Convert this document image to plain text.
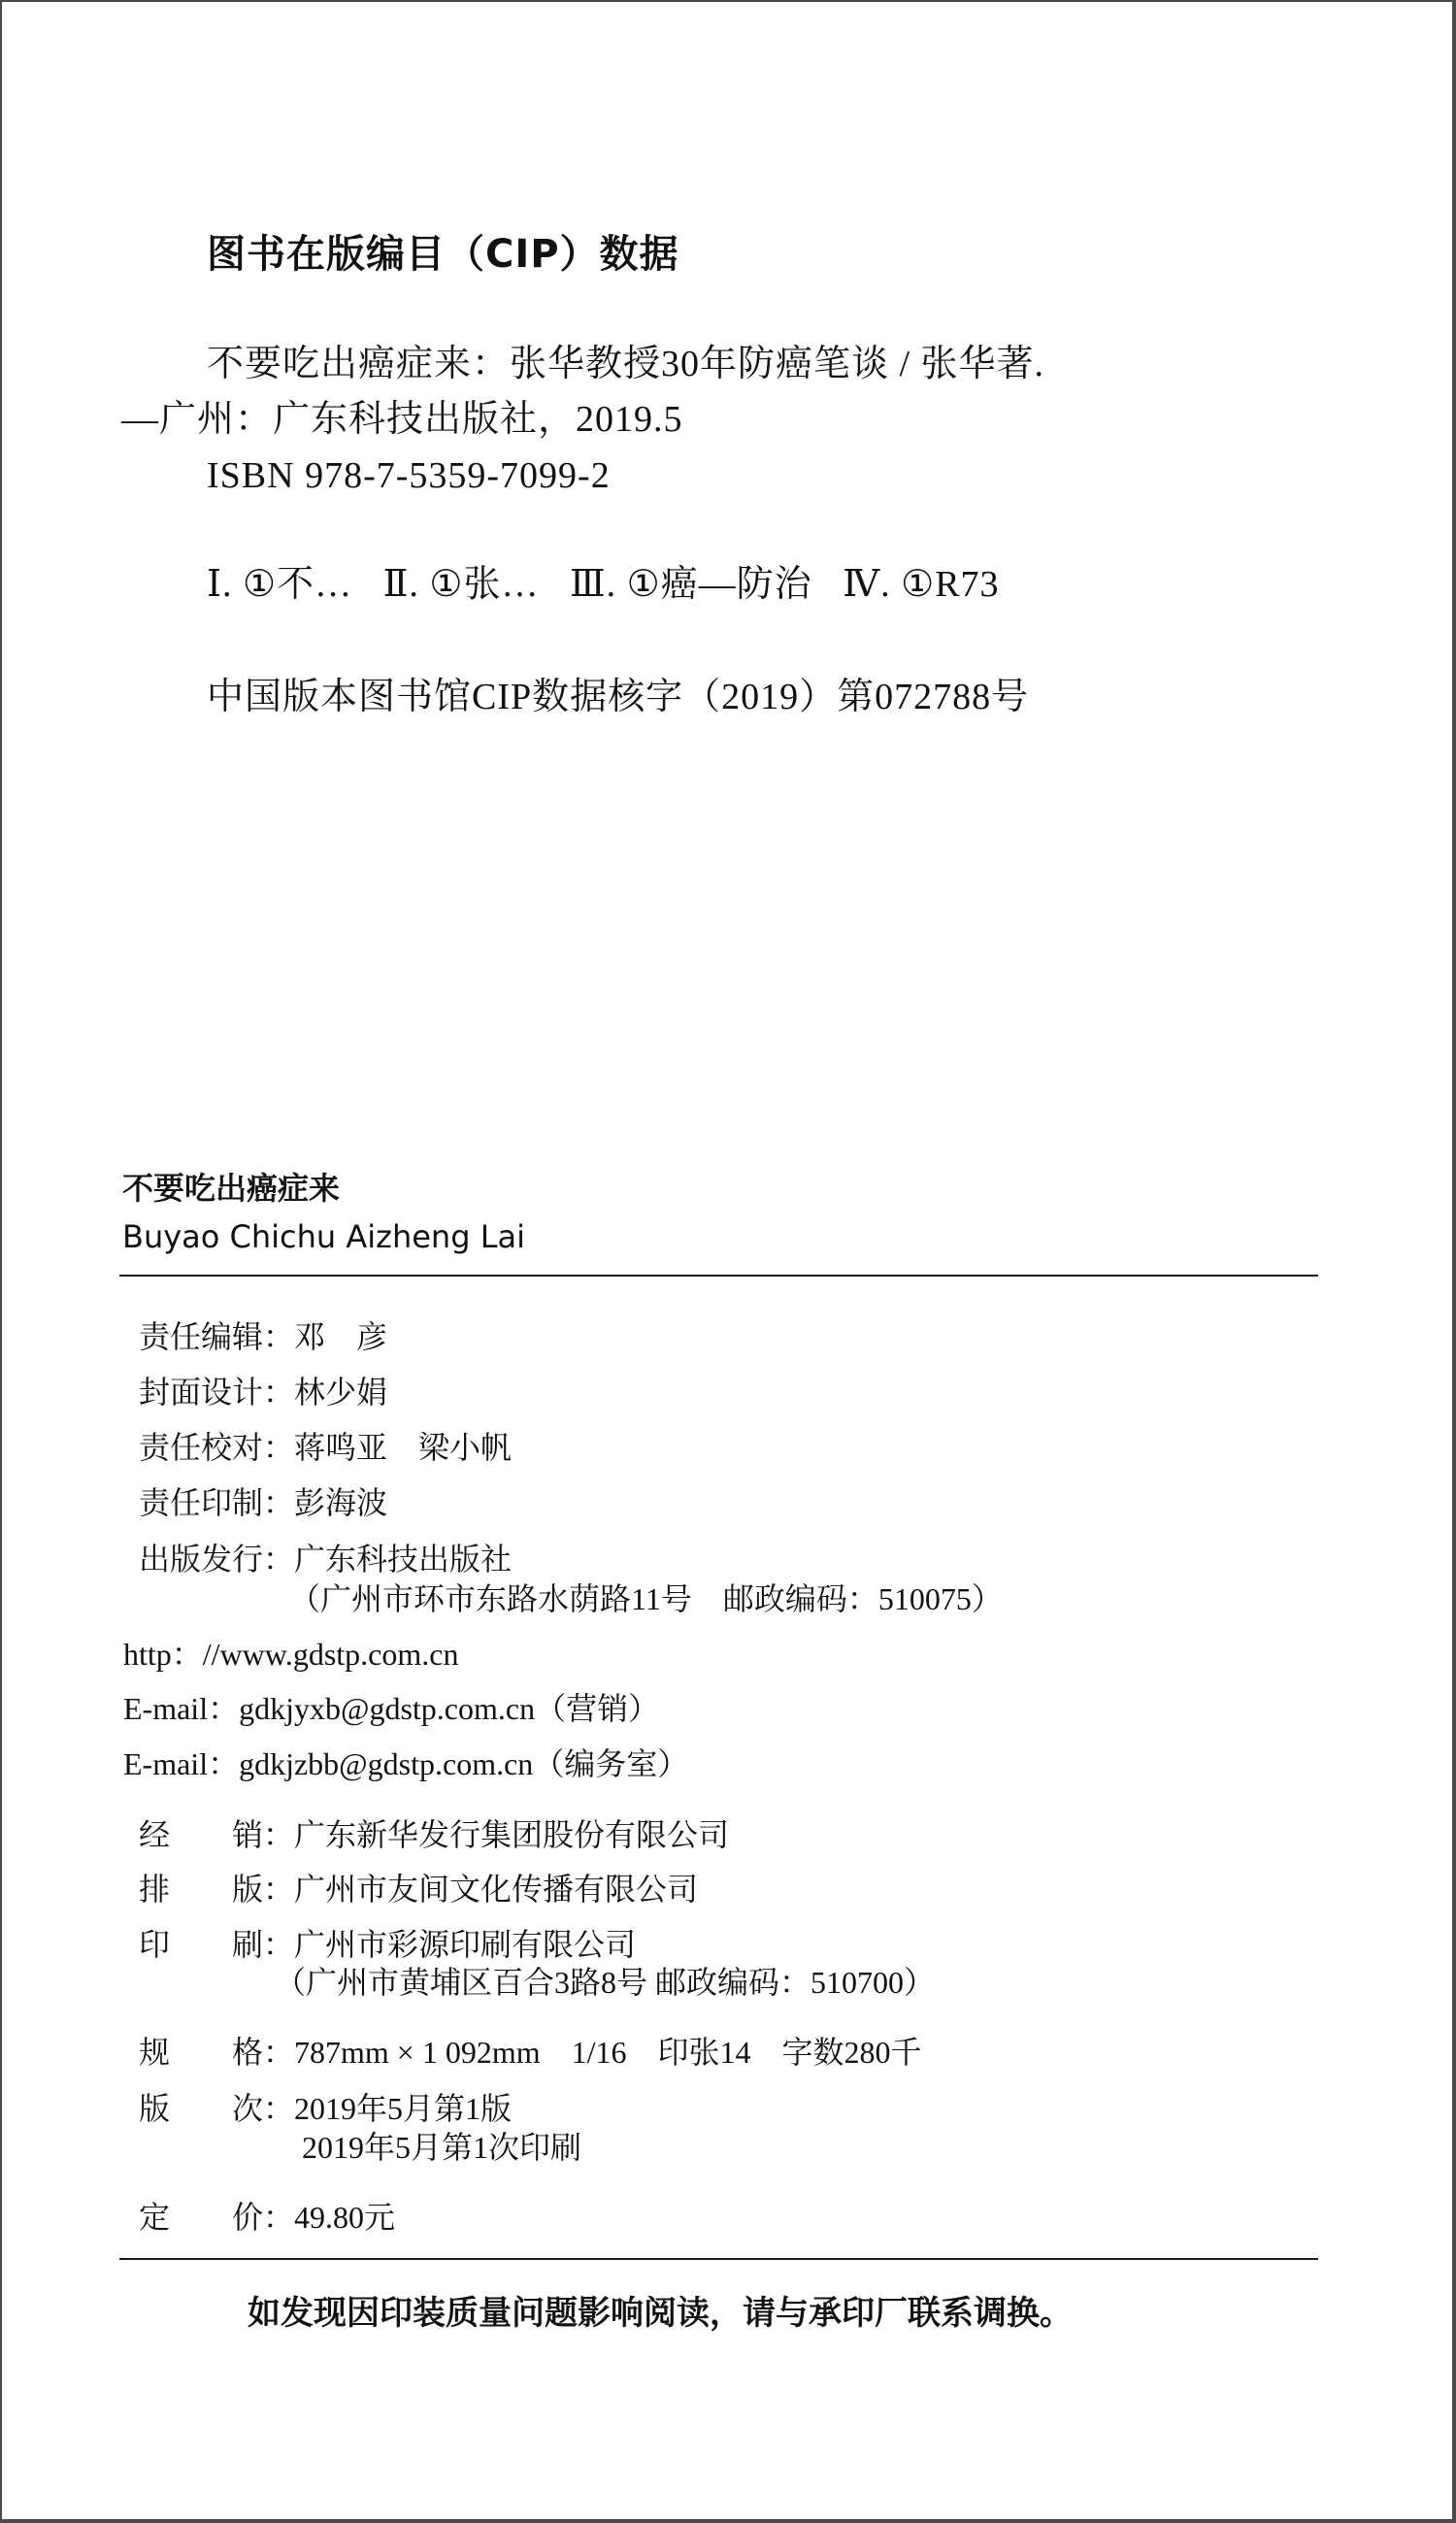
图书在版编目（CIP）数据
不要吃出癌症来：张华教授30年防癌笔谈 / 张华著.
—广州：广东科技出版社，2019.5
ISBN 978-7-5359-7099-2
Ⅰ. ①不…   Ⅱ. ①张…   Ⅲ. ①癌—防治   Ⅳ. ①R73
中国版本图书馆CIP数据核字（2019）第072788号
不要吃出癌症来
Buyao Chichu Aizheng Lai

责任编辑：邓　彦

封面设计：林少娟

责任校对：蒋鸣亚　梁小帆

责任印制：彭海波

出版发行：广东科技出版社

（广州市环市东路水荫路11号　邮政编码：510075）
http：//www.gdstp.com.cn
E-mail：gdkjyxb@gdstp.com.cn（营销）
E-mail：gdkjzbb@gdstp.com.cn（编务室）

经　　销：广东新华发行集团股份有限公司

排　　版：广州市友间文化传播有限公司

印　　刷：广州市彩源印刷有限公司

（广州市黄埔区百合3路8号 邮政编码：510700）

规　　格：787mm × 1 092mm　1/16　印张14　字数280千

版　　次：2019年5月第1版

2019年5月第1次印刷

定　　价：49.80元

如发现因印装质量问题影响阅读，请与承印厂联系调换。
